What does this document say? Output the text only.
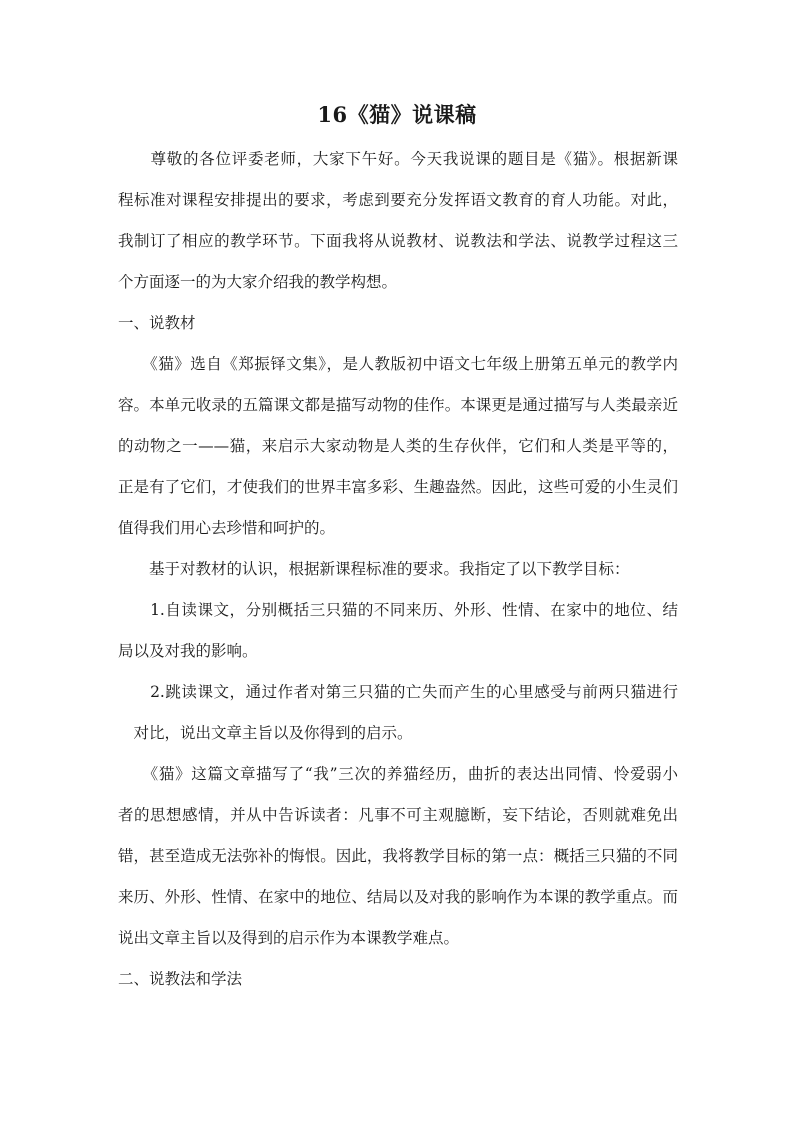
16《猫》说课稿
　　尊敬的各位评委老师，大家下午好。今天我说课的题目是《猫》。根据新课
程标准对课程安排提出的要求，考虑到要充分发挥语文教育的育人功能。对此，
我制订了相应的教学环节。下面我将从说教材、说教法和学法、说教学过程这三
个方面逐一的为大家介绍我的教学构想。
一、说教材
　　《猫》选自《郑振铎文集》，是人教版初中语文七年级上册第五单元的教学内
容。本单元收录的五篇课文都是描写动物的佳作。本课更是通过描写与人类最亲近
的动物之一——猫，来启示大家动物是人类的生存伙伴，它们和人类是平等的，
正是有了它们，才使我们的世界丰富多彩、生趣盎然。因此，这些可爱的小生灵们
值得我们用心去珍惜和呵护的。
　　基于对教材的认识，根据新课程标准的要求。我指定了以下教学目标：
　　1.自读课文，分别概括三只猫的不同来历、外形、性情、在家中的地位、结
局以及对我的影响。
　　2.跳读课文，通过作者对第三只猫的亡失而产生的心里感受与前两只猫进行
　对比，说出文章主旨以及你得到的启示。
　　《猫》这篇文章描写了“我”三次的养猫经历，曲折的表达出同情、怜爱弱小
者的思想感情，并从中告诉读者：凡事不可主观臆断，妄下结论，否则就难免出
错，甚至造成无法弥补的悔恨。因此，我将教学目标的第一点：概括三只猫的不同
来历、外形、性情、在家中的地位、结局以及对我的影响作为本课的教学重点。而
说出文章主旨以及得到的启示作为本课教学难点。
二、说教法和学法
